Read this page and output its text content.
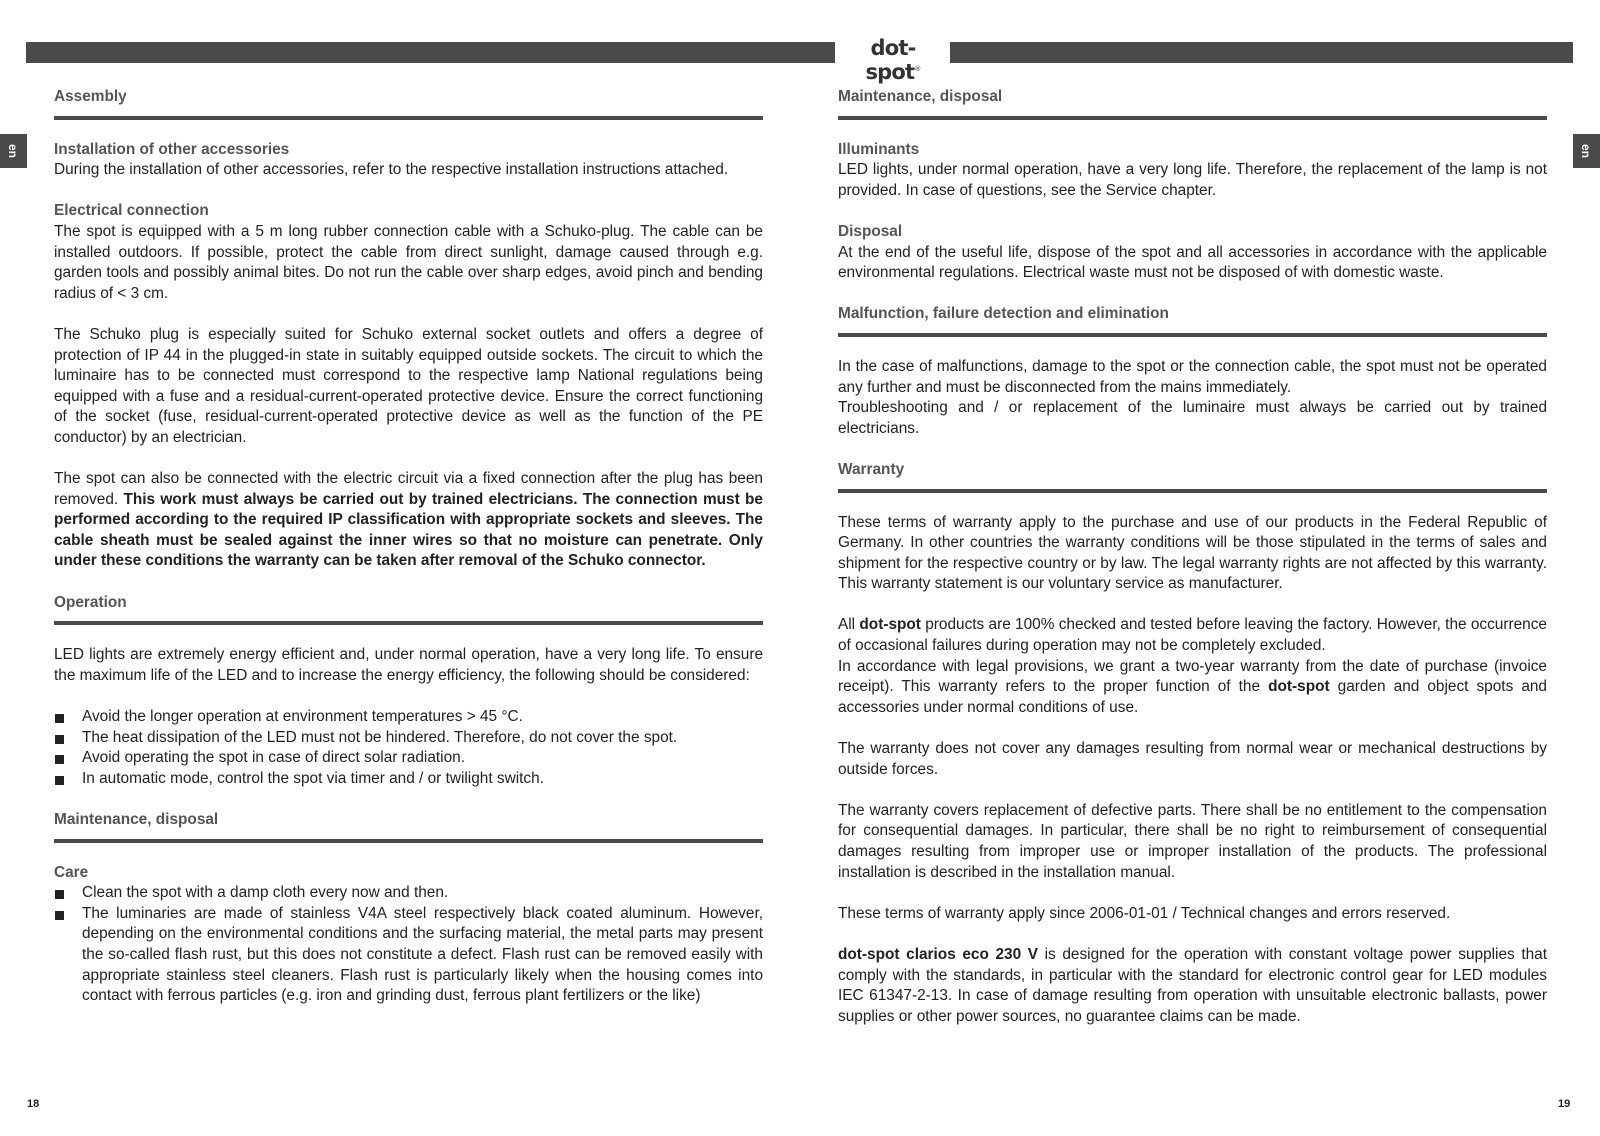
dot-spot®
en	en
Assembly
Installation of other accessories

During the installation of other accessories, refer to the respective installation instructions attached.

Electrical connection

The spot is equipped with a 5 m long rubber connection cable with a Schuko-plug. The cable can be installed outdoors. If possible, protect the cable from direct sunlight, damage caused through e.g. garden tools and possibly animal bites. Do not run the cable over sharp edges, avoid pinch and bending radius of < 3 cm.

The Schuko plug is especially suited for Schuko external socket outlets and offers a degree of protection of IP 44 in the plugged-in state in suitably equipped outside sockets. The circuit to which the luminaire has to be connected must correspond to the respective lamp National regulations being equipped with a fuse and a residual-current-operated protective device. Ensure the correct functioning of the socket (fuse, residual-current-operated protective device as well as the function of the PE conductor) by an electrician.

The spot can also be connected with the electric circuit via a fixed connection after the plug has been removed. This work must always be carried out by trained electricians. The connection must be performed according to the required IP classification with appropriate sockets and sleeves. The cable sheath must be sealed against the inner wires so that no moisture can penetrate. Only under these conditions the warranty can be taken after removal of the Schuko connector.

Operation

LED lights are extremely energy efficient and, under normal operation, have a very long life. To ensure the maximum life of the LED and to increase the energy efficiency, the following should be considered:

Avoid the longer operation at environment temperatures > 45 °C.
The heat dissipation of the LED must not be hindered. Therefore, do not cover the spot.
Avoid operating the spot in case of direct solar radiation.
In automatic mode, control the spot via timer and / or twilight switch.
Maintenance, disposal
Care
Clean the spot with a damp cloth every now and then.
The luminaries are made of stainless V4A steel respectively black coated aluminum. However, depending on the environmental conditions and the surfacing material, the metal parts may present the so-called flash rust, but this does not constitute a defect. Flash rust can be removed easily with appropriate stainless steel cleaners. Flash rust is particularly likely when the housing comes into contact with ferrous particles (e.g. iron and grinding dust, ferrous plant fertilizers or the like)
Maintenance, disposal
Illuminants

LED lights, under normal operation, have a very long life. Therefore, the replacement of the lamp is not provided. In case of questions, see the Service chapter.

Disposal

At the end of the useful life, dispose of the spot and all accessories in accordance with the applicable environmental regulations. Electrical waste must not be disposed of with domestic waste.

Malfunction, failure detection and elimination

In the case of malfunctions, damage to the spot or the connection cable, the spot must not be operated any further and must be disconnected from the mains immediately.

Troubleshooting and / or replacement of the luminaire must always be carried out by trained electricians.

Warranty

These terms of warranty apply to the purchase and use of our products in the Federal Republic of Germany. In other countries the warranty conditions will be those stipulated in the terms of sales and shipment for the respective country or by law. The legal warranty rights are not affected by this warranty. This warranty statement is our voluntary service as manufacturer.

All dot-spot products are 100% checked and tested before leaving the factory. However, the occurrence of occasional failures during operation may not be completely excluded.

In accordance with legal provisions, we grant a two-year warranty from the date of purchase (invoice receipt). This warranty refers to the proper function of the dot-spot garden and object spots and accessories under normal conditions of use.

The warranty does not cover any damages resulting from normal wear or mechanical destructions by outside forces.

The warranty covers replacement of defective parts. There shall be no entitlement to the compensation for consequential damages. In particular, there shall be no right to reimbursement of consequential damages resulting from improper use or improper installation of the products. The professional installation is described in the installation manual.

These terms of warranty apply since 2006-01-01 / Technical changes and errors reserved.

dot-spot clarios eco 230 V is designed for the operation with constant voltage power supplies that comply with the standards, in particular with the standard for electronic control gear for LED modules IEC 61347-2-13. In case of damage resulting from operation with unsuitable electronic ballasts, power supplies or other power sources, no guarantee claims can be made.

18	19
